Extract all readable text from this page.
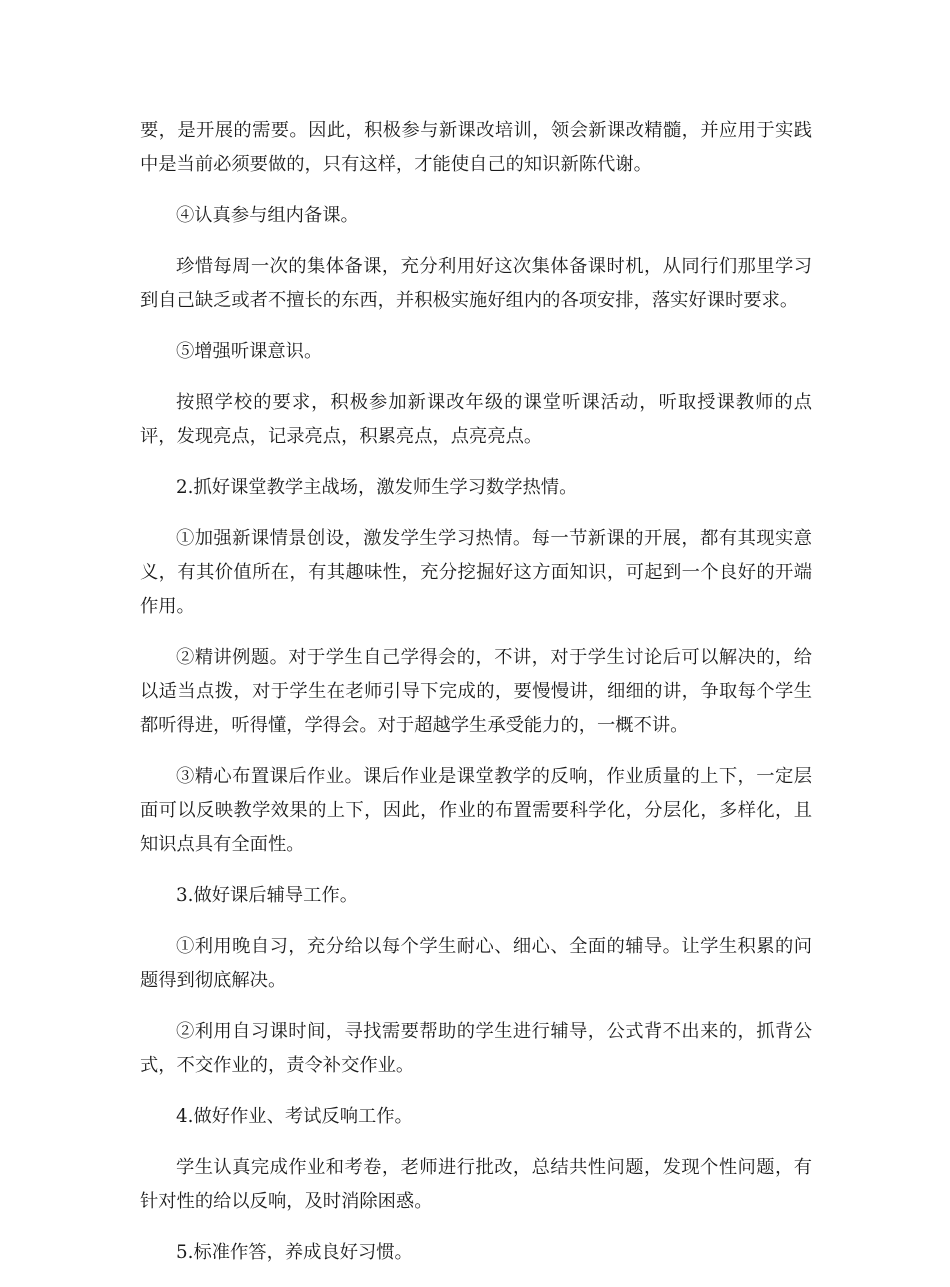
要，是开展的需要。因此，积极参与新课改培训，领会新课改精髓，并应用于实践中是当前必须要做的，只有这样，才能使自己的知识新陈代谢。

④认真参与组内备课。

珍惜每周一次的集体备课，充分利用好这次集体备课时机，从同行们那里学习到自己缺乏或者不擅长的东西，并积极实施好组内的各项安排，落实好课时要求。

⑤增强听课意识。

按照学校的要求，积极参加新课改年级的课堂听课活动，听取授课教师的点评，发现亮点，记录亮点，积累亮点，点亮亮点。

2.抓好课堂教学主战场，激发师生学习数学热情。

①加强新课情景创设，激发学生学习热情。每一节新课的开展，都有其现实意义，有其价值所在，有其趣味性，充分挖掘好这方面知识，可起到一个良好的开端作用。

②精讲例题。对于学生自己学得会的，不讲，对于学生讨论后可以解决的，给以适当点拨，对于学生在老师引导下完成的，要慢慢讲，细细的讲，争取每个学生都听得进，听得懂，学得会。对于超越学生承受能力的，一概不讲。

③精心布置课后作业。课后作业是课堂教学的反响，作业质量的上下，一定层面可以反映教学效果的上下，因此，作业的布置需要科学化，分层化，多样化，且知识点具有全面性。

3.做好课后辅导工作。

①利用晚自习，充分给以每个学生耐心、细心、全面的辅导。让学生积累的问题得到彻底解决。

②利用自习课时间，寻找需要帮助的学生进行辅导，公式背不出来的，抓背公式，不交作业的，责令补交作业。

4.做好作业、考试反响工作。

学生认真完成作业和考卷，老师进行批改，总结共性问题，发现个性问题，有针对性的给以反响，及时消除困惑。

5.标准作答，养成良好习惯。
